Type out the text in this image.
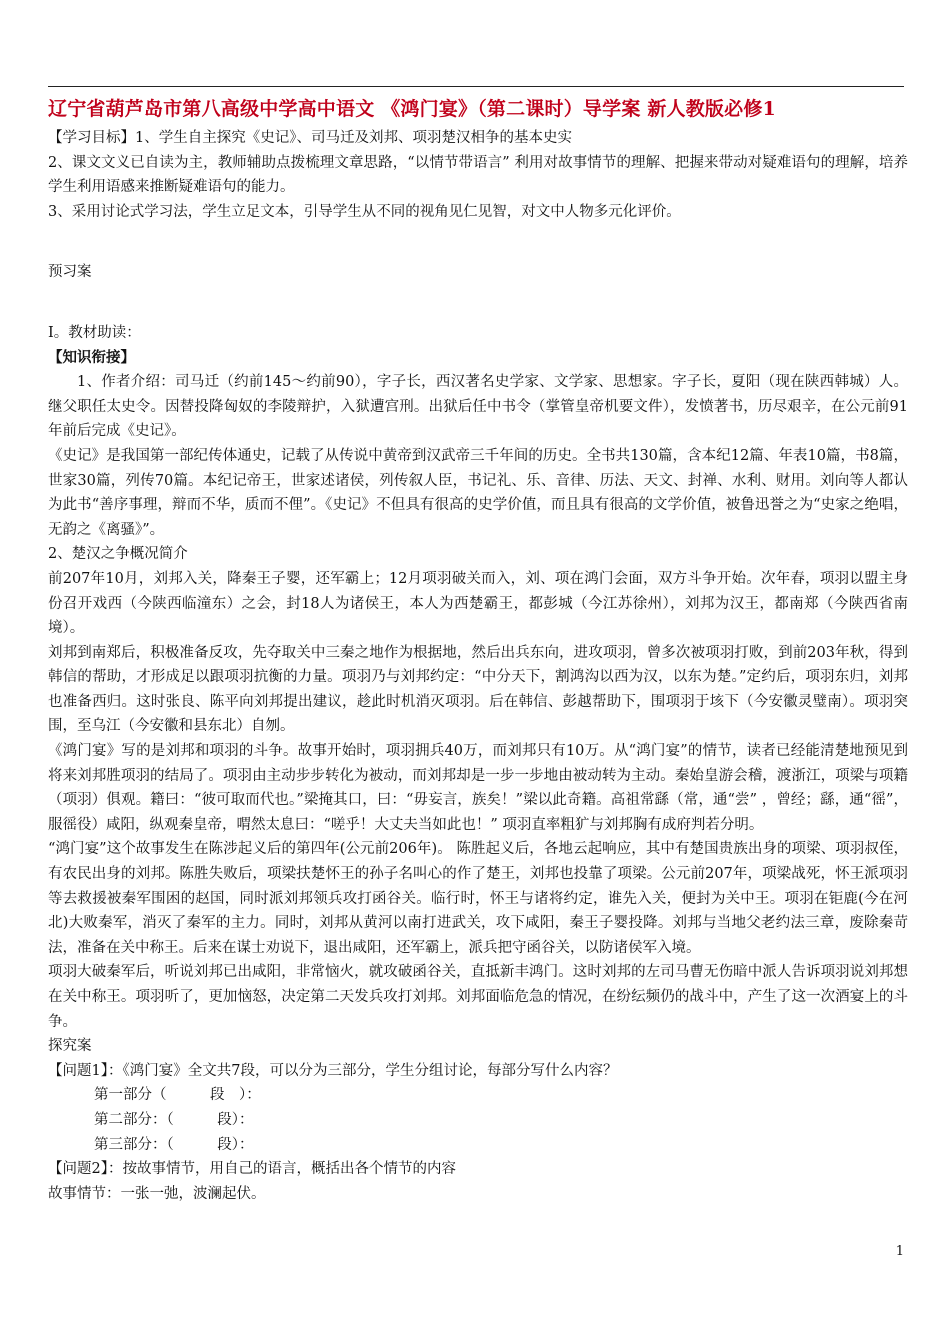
辽宁省葫芦岛市第八高级中学高中语文 《鸿门宴》（第二课时）导学案 新人教版必修1

【学习目标】1、学生自主探究《史记》、司马迁及刘邦、项羽楚汉相争的基本史实

2、课文文义已自读为主，教师辅助点拨梳理文章思路，“以情节带语言” 利用对故事情节的理解、把握来带动对疑难语句的理解，培养学生利用语感来推断疑难语句的能力。

3、采用讨论式学习法，学生立足文本，引导学生从不同的视角见仁见智，对文中人物多元化评价。

预习案

Ⅰ。教材助读：

【知识衔接】

1、作者介绍：司马迁（约前145～约前90），字子长，西汉著名史学家、文学家、思想家。字子长，夏阳（现在陕西韩城）人。继父职任太史令。因替投降匈奴的李陵辩护，入狱遭宫刑。出狱后任中书令（掌管皇帝机要文件），发愤著书，历尽艰辛，在公元前91年前后完成《史记》。

《史记》是我国第一部纪传体通史，记载了从传说中黄帝到汉武帝三千年间的历史。全书共130篇，含本纪12篇、年表10篇，书8篇，世家30篇，列传70篇。本纪记帝王，世家述诸侯，列传叙人臣，书记礼、乐、音律、历法、天文、封禅、水利、财用。刘向等人都认为此书“善序事理，辩而不华，质而不俚”。《史记》不但具有很高的史学价值，而且具有很高的文学价值，被鲁迅誉之为“史家之绝唱，无韵之《离骚》”。

2、楚汉之争概况简介

前207年10月，刘邦入关，降秦王子婴，还军霸上；12月项羽破关而入，刘、项在鸿门会面，双方斗争开始。次年春，项羽以盟主身份召开戏西（今陕西临潼东）之会，封18人为诸侯王，本人为西楚霸王，都彭城（今江苏徐州），刘邦为汉王，都南郑（今陕西省南境）。

刘邦到南郑后，积极准备反攻，先夺取关中三秦之地作为根据地，然后出兵东向，进攻项羽，曾多次被项羽打败，到前203年秋，得到韩信的帮助，才形成足以跟项羽抗衡的力量。项羽乃与刘邦约定：“中分天下，割鸿沟以西为汉，以东为楚。”定约后，项羽东归，刘邦也准备西归。这时张良、陈平向刘邦提出建议，趁此时机消灭项羽。后在韩信、彭越帮助下，围项羽于垓下（今安徽灵璧南）。项羽突围，至乌江（今安徽和县东北）自刎。

《鸿门宴》写的是刘邦和项羽的斗争。故事开始时，项羽拥兵40万，而刘邦只有10万。从“鸿门宴”的情节，读者已经能清楚地预见到将来刘邦胜项羽的结局了。项羽由主动步步转化为被动，而刘邦却是一步一步地由被动转为主动。秦始皇游会稽，渡浙江，项梁与项籍（项羽）俱观。籍曰：“彼可取而代也。”梁掩其口，曰：“毋妄言，族矣！”梁以此奇籍。高祖常繇（常，通“尝” ，曾经；繇，通“徭”，服徭役）咸阳，纵观秦皇帝，喟然太息曰：“嗟乎！大丈夫当如此也！” 项羽直率粗犷与刘邦胸有成府判若分明。

“鸿门宴”这个故事发生在陈涉起义后的第四年(公元前206年)。 陈胜起义后，各地云起响应，其中有楚国贵族出身的项梁、项羽叔侄，有农民出身的刘邦。陈胜失败后，项梁扶楚怀王的孙子名叫心的作了楚王，刘邦也投靠了项梁。公元前207年，项梁战死，怀王派项羽等去救援被秦军围困的赵国，同时派刘邦领兵攻打函谷关。临行时，怀王与诸将约定，谁先入关，便封为关中王。项羽在钜鹿(今在河北)大败秦军，消灭了秦军的主力。同时，刘邦从黄河以南打进武关，攻下咸阳，秦王子婴投降。刘邦与当地父老约法三章，废除秦苛法，准备在关中称王。后来在谋士劝说下，退出咸阳，还军霸上，派兵把守函谷关，以防诸侯军入境。

项羽大破秦军后，听说刘邦已出咸阳，非常恼火，就攻破函谷关，直抵新丰鸿门。这时刘邦的左司马曹无伤暗中派人告诉项羽说刘邦想在关中称王。项羽听了，更加恼怒，决定第二天发兵攻打刘邦。刘邦面临危急的情况，在纷纭频仍的战斗中，产生了这一次酒宴上的斗争。

探究案

【问题1】：《鸿门宴》全文共7段，可以分为三部分，学生分组讨论，每部分写什么内容？

第一部分（　　　段　）：

第二部分：（　　　段）：

第三部分：（　　　段）：

【问题2】：按故事情节，用自己的语言，概括出各个情节的内容

故事情节：一张一弛，波澜起伏。

1
